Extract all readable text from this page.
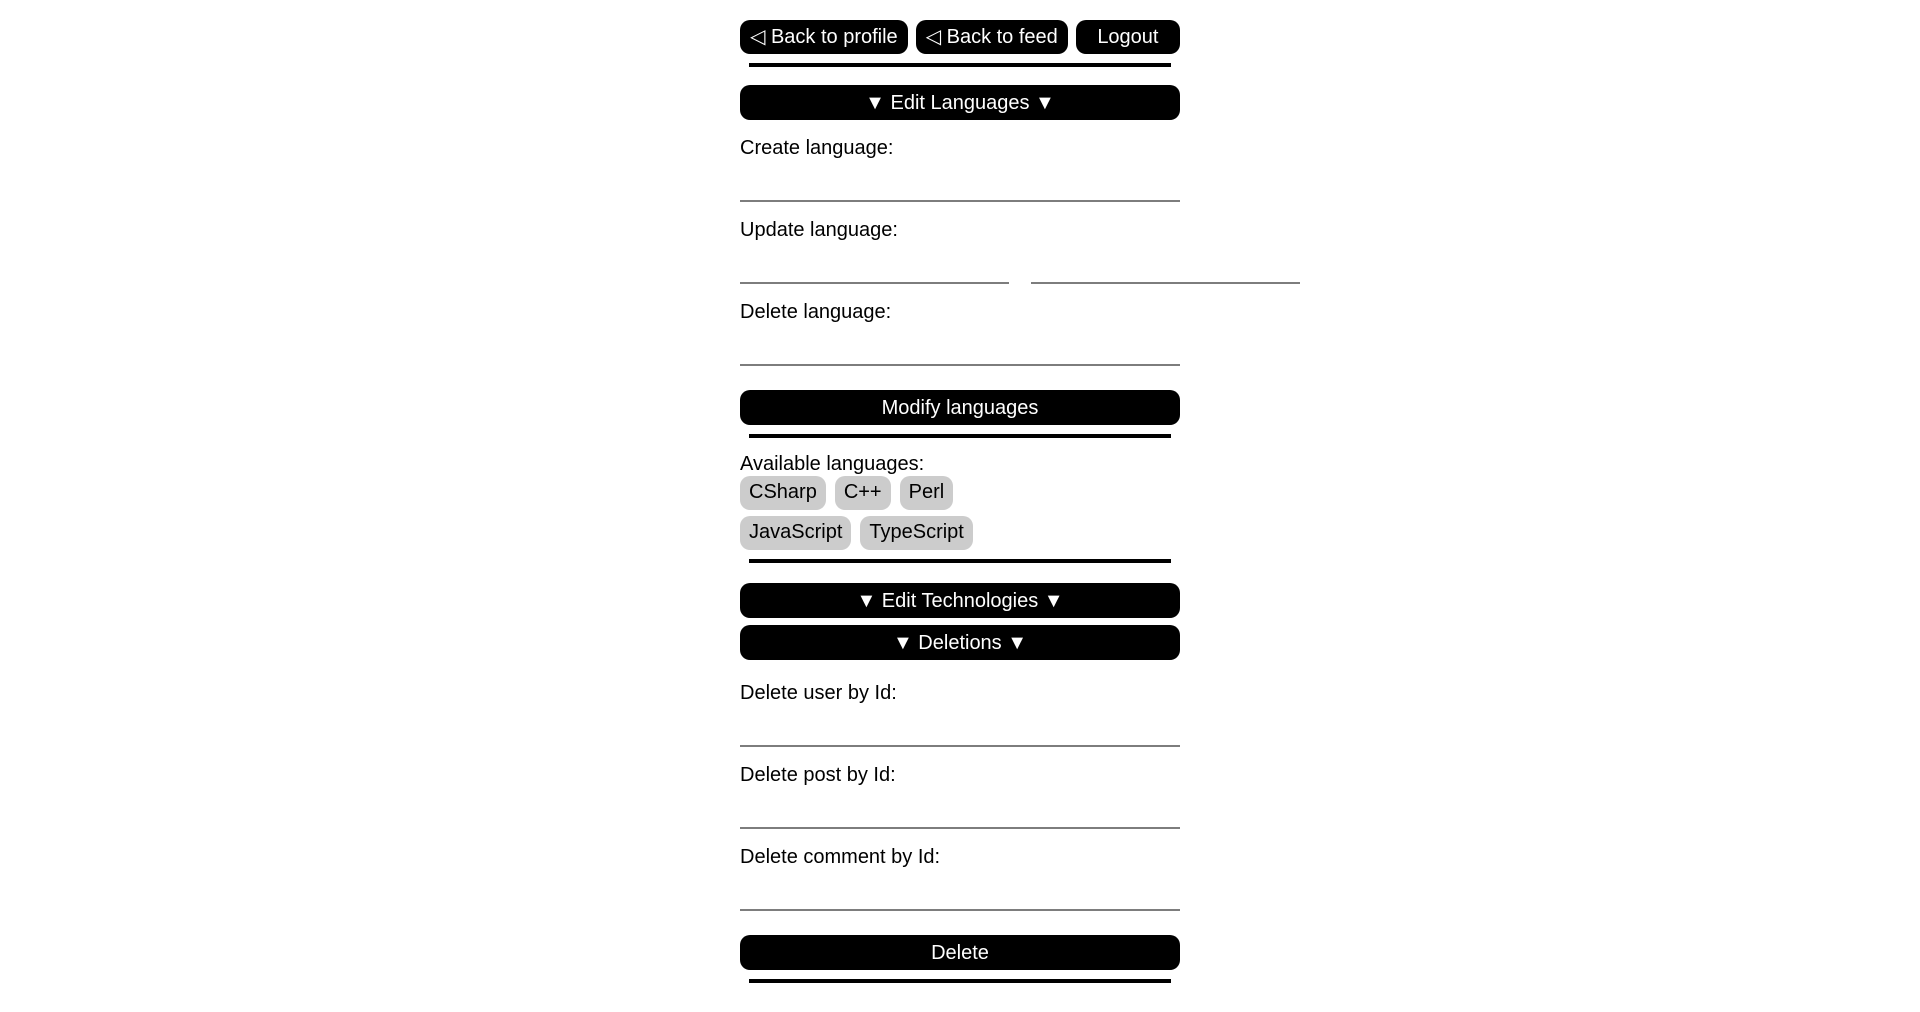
◁ Back to profile	◁ Back to feed	Logout
▼ Edit Languages ▼
Create language:
Update language:
Delete language:
Modify languages
Available languages:
CSharp	C++	Perl
JavaScript	TypeScript
▼ Edit Technologies ▼
▼ Deletions ▼
Delete user by Id:
Delete post by Id:
Delete comment by Id:
Delete
